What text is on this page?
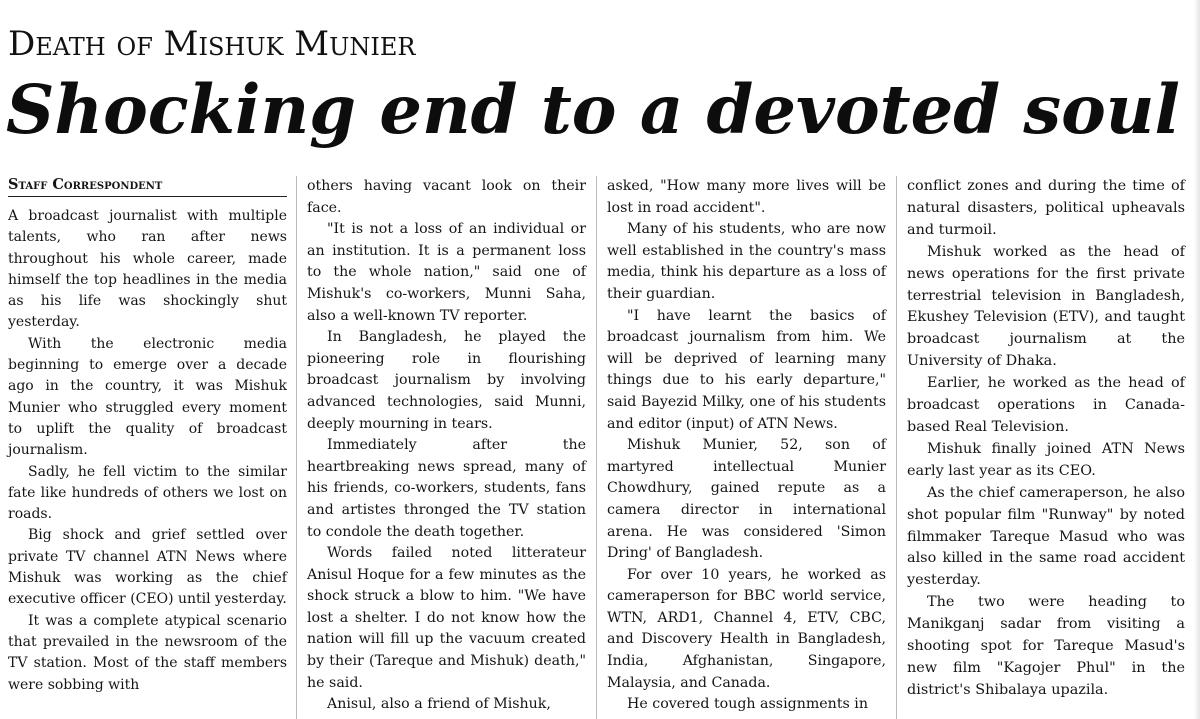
Death of Mishuk Munier
Shocking end to a devoted soul
Staff Correspondent

A broadcast journalist with multiple talents, who ran after news throughout his whole career, made himself the top headlines in the media as his life was shockingly shut yesterday.

With the electronic media beginning to emerge over a decade ago in the country, it was Mishuk Munier who struggled every moment to uplift the quality of broadcast journalism.

Sadly, he fell victim to the similar fate like hundreds of others we lost on roads.

Big shock and grief settled over private TV channel ATN News where Mishuk was working as the chief executive officer (CEO) until yesterday.

It was a complete atypical scenario that prevailed in the newsroom of the TV station. Most of the staff members were sobbing with

others having vacant look on their face.

"It is not a loss of an individual or an institution. It is a permanent loss to the whole nation," said one of Mishuk's co-workers, Munni Saha, also a well-known TV reporter.

In Bangladesh, he played the pioneering role in flourishing broadcast journalism by involving advanced technologies, said Munni, deeply mourning in tears.

Immediately after the heartbreaking news spread, many of his friends, co-workers, students, fans and artistes thronged the TV station to condole the death together.

Words failed noted litterateur Anisul Hoque for a few minutes as the shock struck a blow to him. "We have lost a shelter. I do not know how the nation will fill up the vacuum created by their (Tareque and Mishuk) death," he said.

Anisul, also a friend of Mishuk,

asked, "How many more lives will be lost in road accident".

Many of his students, who are now well established in the country's mass media, think his departure as a loss of their guardian.

"I have learnt the basics of broadcast journalism from him. We will be deprived of learning many things due to his early departure," said Bayezid Milky, one of his students and editor (input) of ATN News.

Mishuk Munier, 52, son of martyred intellectual Munier Chowdhury, gained repute as a camera director in international arena. He was considered 'Simon Dring' of Bangladesh.

For over 10 years, he worked as cameraperson for BBC world service, WTN, ARD1, Channel 4, ETV, CBC, and Discovery Health in Bangladesh, India, Afghanistan, Singapore, Malaysia, and Canada.

He covered tough assignments in

conflict zones and during the time of natural disasters, political upheavals and turmoil.

Mishuk worked as the head of news operations for the first private terrestrial television in Bangladesh, Ekushey Television (ETV), and taught broadcast journalism at the University of Dhaka.

Earlier, he worked as the head of broadcast operations in Canada-based Real Television.

Mishuk finally joined ATN News early last year as its CEO.

As the chief cameraperson, he also shot popular film "Runway" by noted filmmaker Tareque Masud who was also killed in the same road accident yesterday.

The two were heading to Manikganj sadar from visiting a shooting spot for Tareque Masud's new film "Kagojer Phul" in the district's Shibalaya upazila.
